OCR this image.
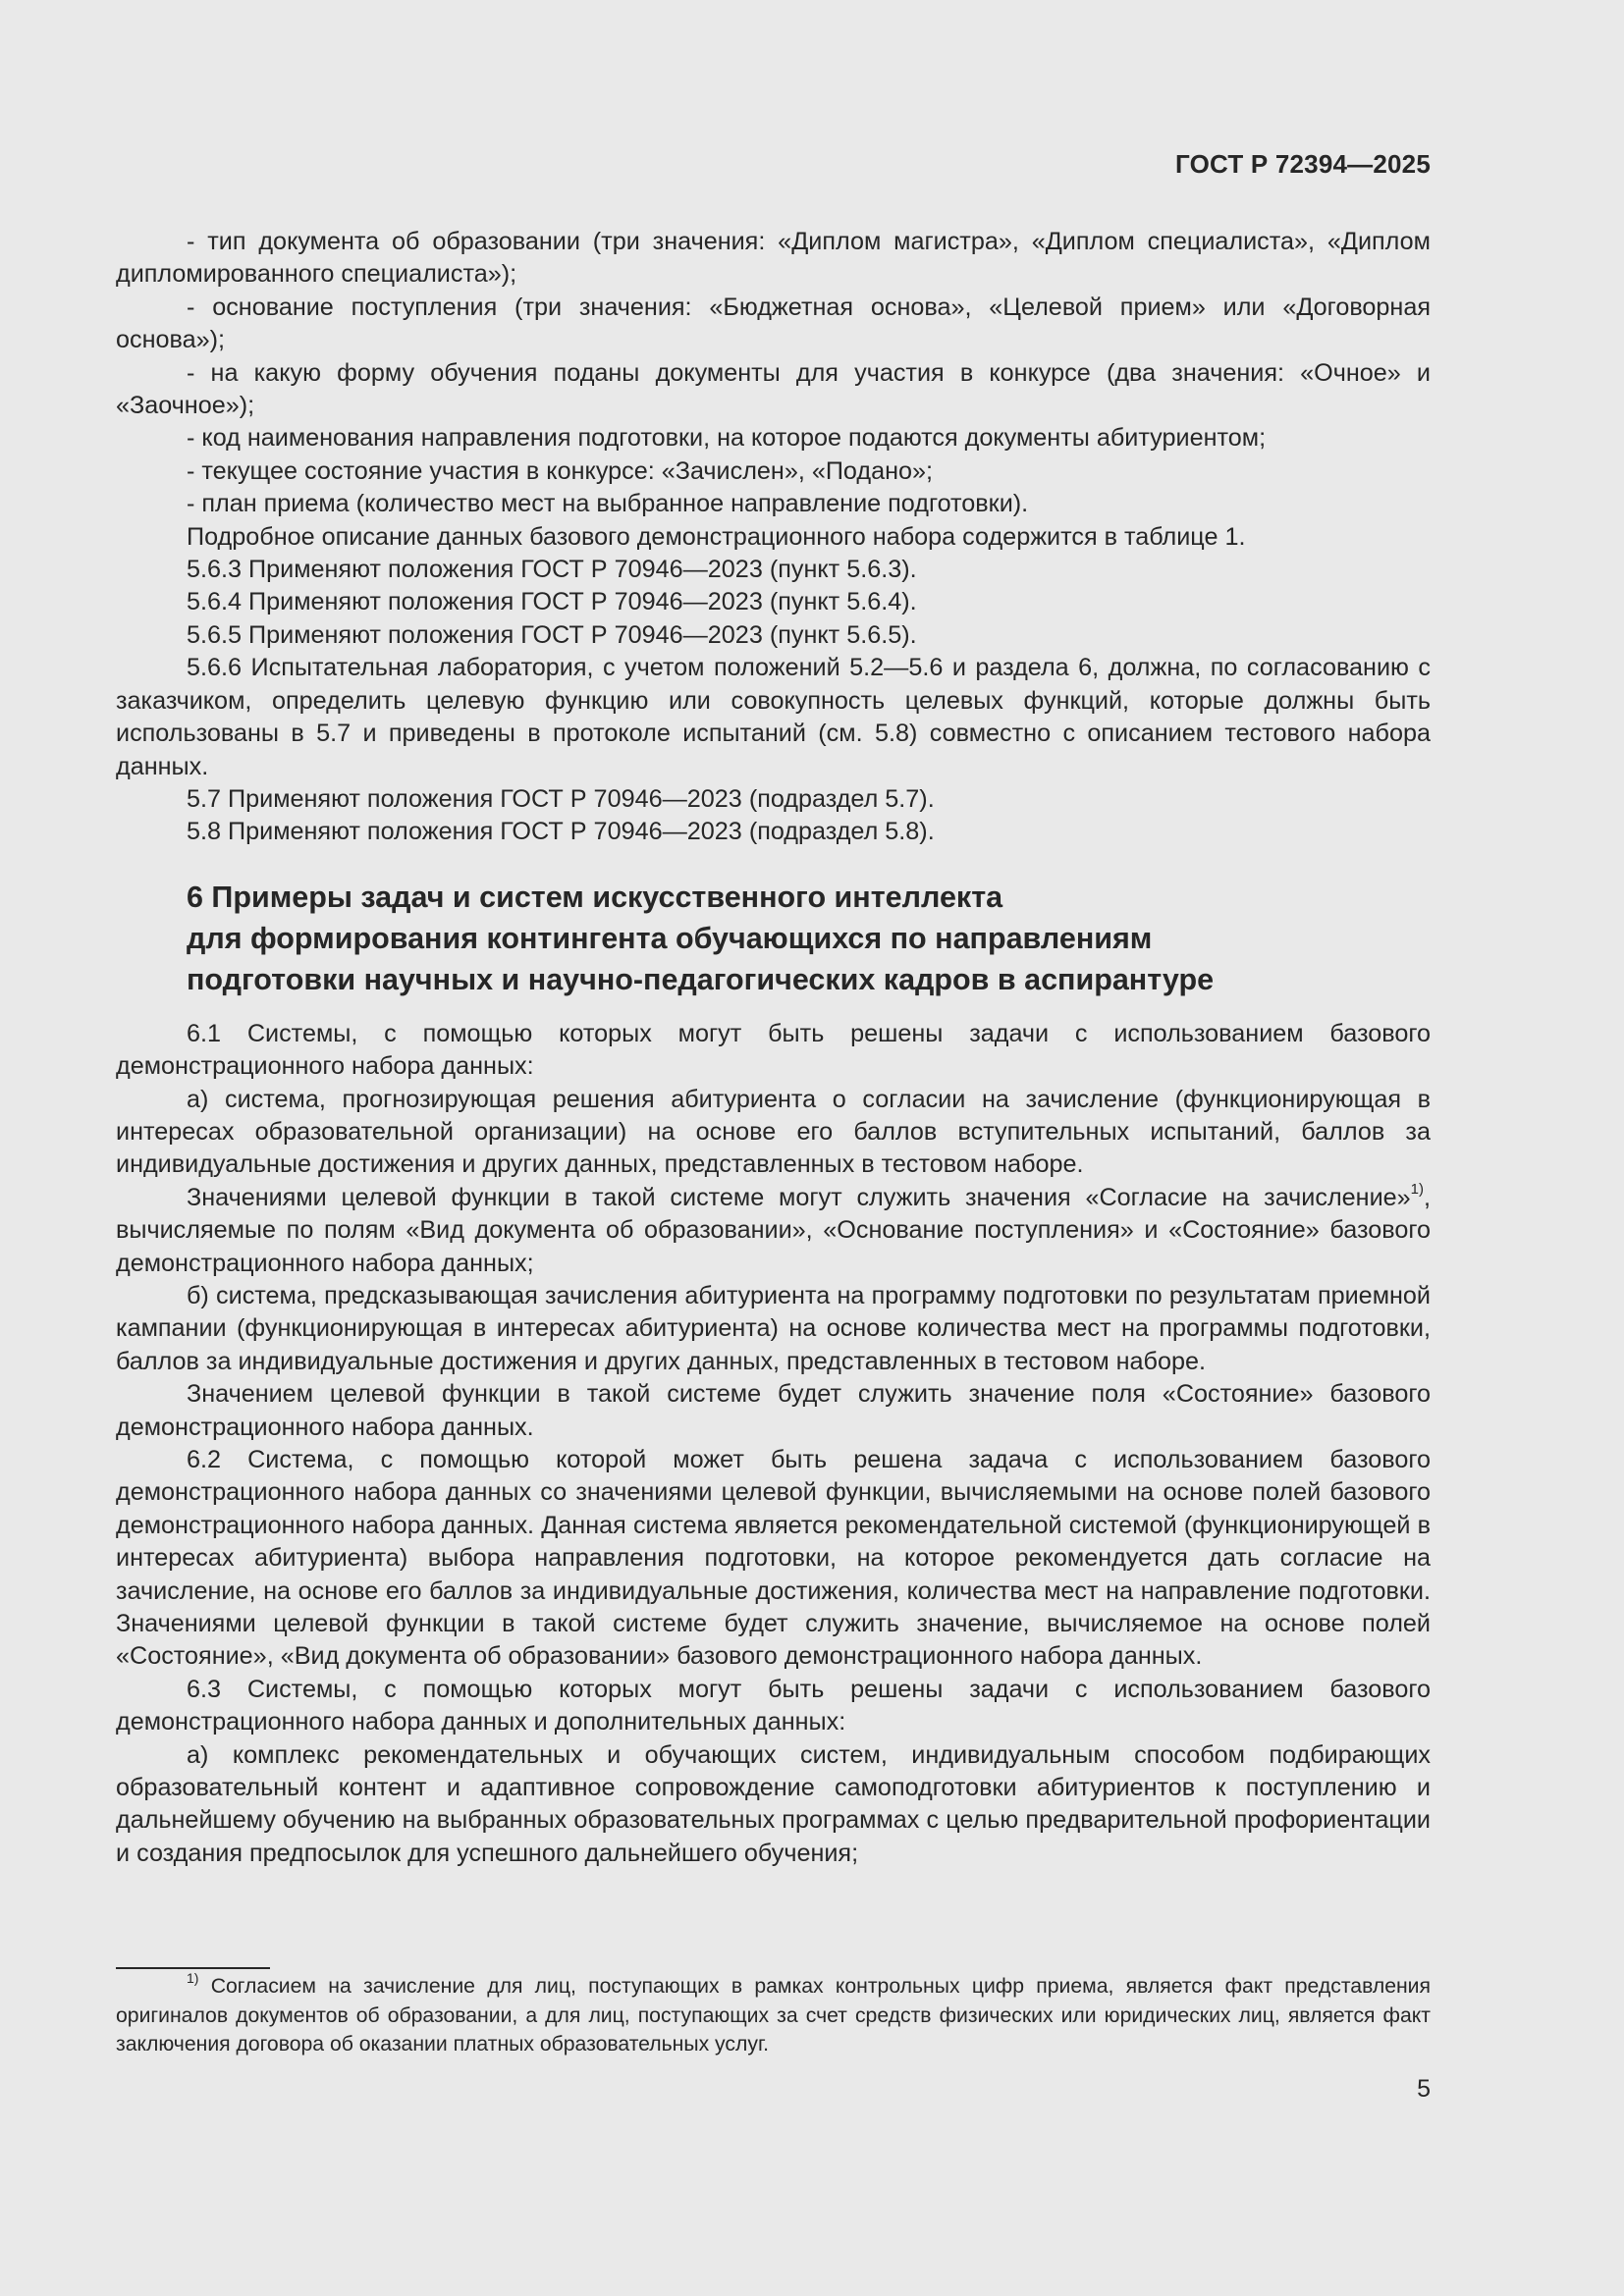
ГОСТ Р 72394—2025

- тип документа об образовании (три значения: «Диплом магистра», «Диплом специалиста», «Диплом дипломированного специалиста»);

- основание поступления (три значения: «Бюджетная основа», «Целевой прием» или «Договорная основа»);

- на какую форму обучения поданы документы для участия в конкурсе (два значения: «Очное» и «Заочное»);

- код наименования направления подготовки, на которое подаются документы абитуриентом;

- текущее состояние участия в конкурсе: «Зачислен», «Подано»;

- план приема (количество мест на выбранное направление подготовки).

Подробное описание данных базового демонстрационного набора содержится в таблице 1.

5.6.3 Применяют положения ГОСТ Р 70946—2023 (пункт 5.6.3).

5.6.4 Применяют положения ГОСТ Р 70946—2023 (пункт 5.6.4).

5.6.5 Применяют положения ГОСТ Р 70946—2023 (пункт 5.6.5).

5.6.6 Испытательная лаборатория, с учетом положений 5.2—5.6 и раздела 6, должна, по согласованию с заказчиком, определить целевую функцию или совокупность целевых функций, которые должны быть использованы в 5.7 и приведены в протоколе испытаний (см. 5.8) совместно с описанием тестового набора данных.

5.7 Применяют положения ГОСТ Р 70946—2023 (подраздел 5.7).

5.8 Применяют положения ГОСТ Р 70946—2023 (подраздел 5.8).

6 Примеры задач и систем искусственного интеллекта
для формирования контингента обучающихся по направлениям
подготовки научных и научно-педагогических кадров в аспирантуре

6.1 Системы, с помощью которых могут быть решены задачи с использованием базового демонстрационного набора данных:

а) система, прогнозирующая решения абитуриента о согласии на зачисление (функционирующая в интересах образовательной организации) на основе его баллов вступительных испытаний, баллов за индивидуальные достижения и других данных, представленных в тестовом наборе.

Значениями целевой функции в такой системе могут служить значения «Согласие на зачисление»$^{1)}$, вычисляемые по полям «Вид документа об образовании», «Основание поступления» и «Состояние» базового демонстрационного набора данных;

б) система, предсказывающая зачисления абитуриента на программу подготовки по результатам приемной кампании (функционирующая в интересах абитуриента) на основе количества мест на программы подготовки, баллов за индивидуальные достижения и других данных, представленных в тестовом наборе.

Значением целевой функции в такой системе будет служить значение поля «Состояние» базового демонстрационного набора данных.

6.2 Система, с помощью которой может быть решена задача с использованием базового демонстрационного набора данных со значениями целевой функции, вычисляемыми на основе полей базового демонстрационного набора данных. Данная система является рекомендательной системой (функционирующей в интересах абитуриента) выбора направления подготовки, на которое рекомендуется дать согласие на зачисление, на основе его баллов за индивидуальные достижения, количества мест на направление подготовки. Значениями целевой функции в такой системе будет служить значение, вычисляемое на основе полей «Состояние», «Вид документа об образовании» базового демонстрационного набора данных.

6.3 Системы, с помощью которых могут быть решены задачи с использованием базового демонстрационного набора данных и дополнительных данных:

а) комплекс рекомендательных и обучающих систем, индивидуальным способом подбирающих образовательный контент и адаптивное сопровождение самоподготовки абитуриентов к поступлению и дальнейшему обучению на выбранных образовательных программах с целью предварительной профориентации и создания предпосылок для успешного дальнейшего обучения;

$^{1)}$ Согласием на зачисление для лиц, поступающих в рамках контрольных цифр приема, является факт представления оригиналов документов об образовании, а для лиц, поступающих за счет средств физических или юридических лиц, является факт заключения договора об оказании платных образовательных услуг.

5
